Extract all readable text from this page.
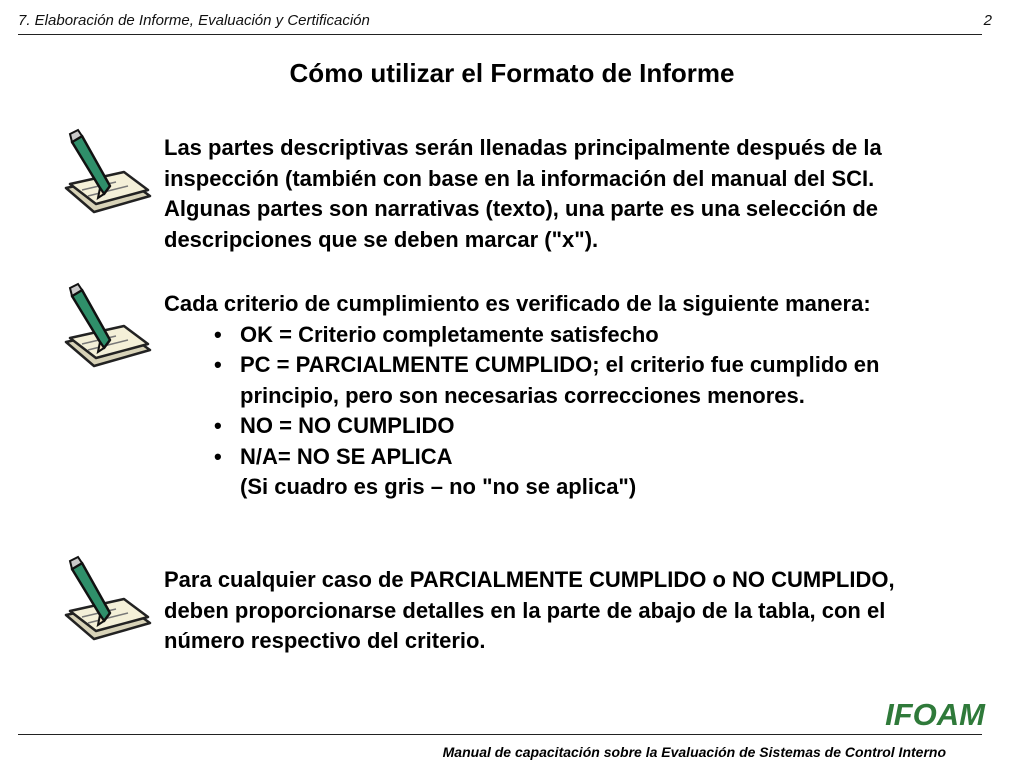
7. Elaboración de Informe, Evaluación y Certificación	2
Cómo utilizar el Formato de Informe
Las partes descriptivas serán llenadas principalmente después de la inspección (también con base en la información del manual del SCI. Algunas partes son narrativas (texto), una parte es una selección de descripciones que se deben marcar ("x").
Cada criterio de cumplimiento es verificado de la siguiente manera:
• OK = Criterio completamente satisfecho
• PC = PARCIALMENTE CUMPLIDO; el criterio fue cumplido en principio, pero son necesarias correcciones menores.
• NO = NO CUMPLIDO
• N/A= NO SE APLICA
(Si cuadro es gris – no "no se aplica")
Para cualquier caso de PARCIALMENTE CUMPLIDO o NO CUMPLIDO, deben proporcionarse detalles en la parte de abajo de la tabla, con el número respectivo del criterio.
IFOAM
Manual de capacitación sobre la Evaluación de Sistemas de Control Interno
